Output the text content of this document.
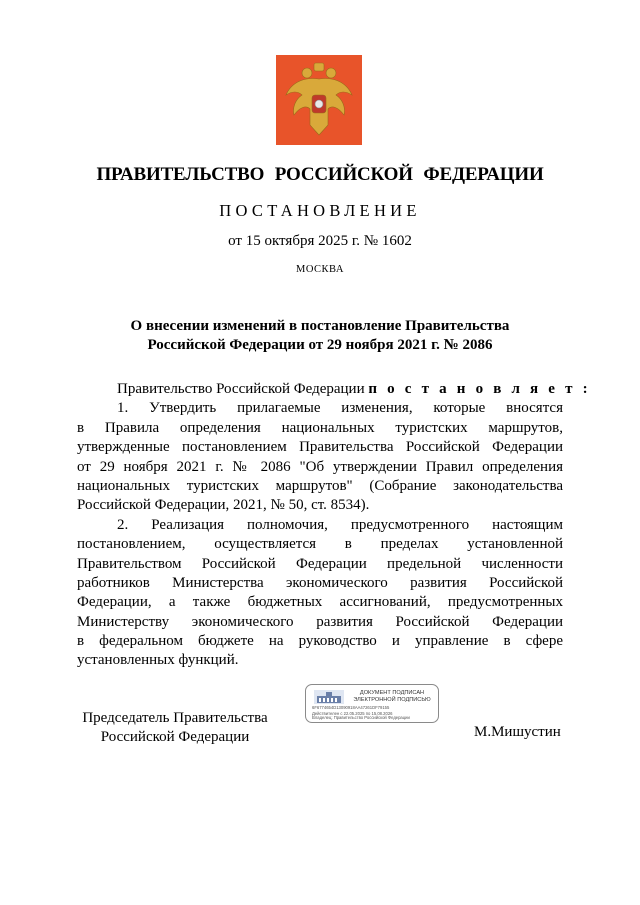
ПРАВИТЕЛЬСТВО РОССИЙСКОЙ ФЕДЕРАЦИИ
ПОСТАНОВЛЕНИЕ
от 15 октября 2025 г. № 1602
МОСКВА
О внесении изменений в постановление Правительства
Российской Федерации от 29 ноября 2021 г. № 2086
Правительство Российской Федерации п о с т а н о в л я е т :
1. Утвердить прилагаемые изменения, которые вносятся
в Правила определения национальных туристских маршрутов,
утвержденные постановлением Правительства Российской Федерации
от 29 ноября 2021 г. № 2086 "Об утверждении Правил определения
национальных туристских маршрутов" (Собрание законодательства
Российской Федерации, 2021, № 50, ст. 8534).
2. Реализация полномочия, предусмотренного настоящим
постановлением, осуществляется в пределах установленной
Правительством Российской Федерации предельной численности
работников Министерства экономического развития Российской
Федерации, а также бюджетных ассигнований, предусмотренных
Министерству экономического развития Российской Федерации
в федеральном бюджете на руководство и управление в сфере
установленных функций.
Председатель Правительства
Российской Федерации
ДОКУМЕНТ ПОДПИСАН
ЭЛЕКТРОННОЙ ПОДПИСЬЮ
6F6774654D13090918AA47261DF79155
Действителен с 22.05.2025 по 15.08.2026
Владелец: Правительство Российской Федерации
М.Мишустин
